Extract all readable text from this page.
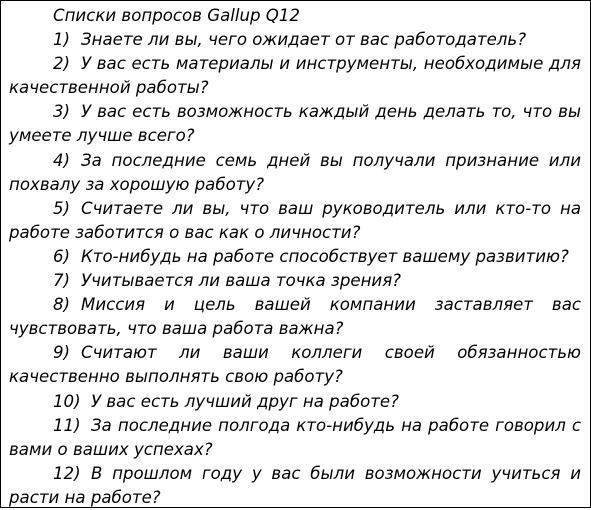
Списки вопросов Gallup Q12
1) Знаете ли вы, чего ожидает от вас работодатель?
2) У вас есть материалы и инструменты, необходимые для качественной работы?
3) У вас есть возможность каждый день делать то, что вы умеете лучше всего?
4) За последние семь дней вы получали признание или похвалу за хорошую работу?
5) Считаете ли вы, что ваш руководитель или кто-то на работе заботится о вас как о личности?
6) Кто-нибудь на работе способствует вашему развитию?
7) Учитывается ли ваша точка зрения?
8) Миссия и цель вашей компании заставляет вас чувствовать, что ваша работа важна?
9) Считают ли ваши коллеги своей обязанностью качественно выполнять свою работу?
10) У вас есть лучший друг на работе?
11) За последние полгода кто-нибудь на работе говорил с вами о ваших успехах?
12) В прошлом году у вас были возможности учиться и расти на работе?
